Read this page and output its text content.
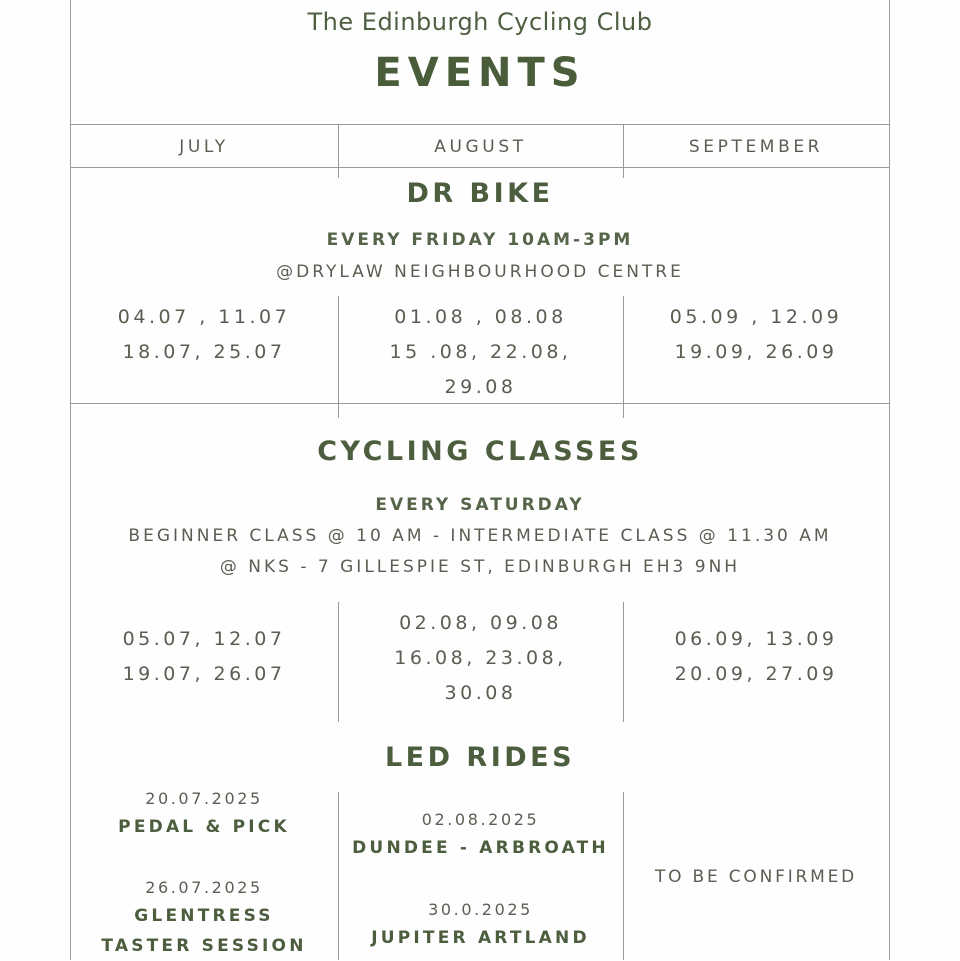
The Edinburgh Cycling Club
EVENTS
JULY	AUGUST	SEPTEMBER
DR BIKE
EVERY FRIDAY 10AM-3PM
@DRYLAW NEIGHBOURHOOD CENTRE
04.07 , 11.07
18.07, 25.07
01.08 , 08.08
15 .08, 22.08,
29.08
05.09 , 12.09
19.09, 26.09
CYCLING CLASSES
EVERY SATURDAY
BEGINNER CLASS @ 10 AM - INTERMEDIATE CLASS @ 11.30 AM
@ NKS - 7 GILLESPIE ST, EDINBURGH EH3 9NH
05.07, 12.07
19.07, 26.07
02.08, 09.08
16.08, 23.08,
30.08
06.09, 13.09
20.09, 27.09
LED RIDES
20.07.2025
PEDAL & PICK
26.07.2025
GLENTRESS
TASTER SESSION
02.08.2025
DUNDEE - ARBROATH
30.0.2025
JUPITER ARTLAND
TO BE CONFIRMED
